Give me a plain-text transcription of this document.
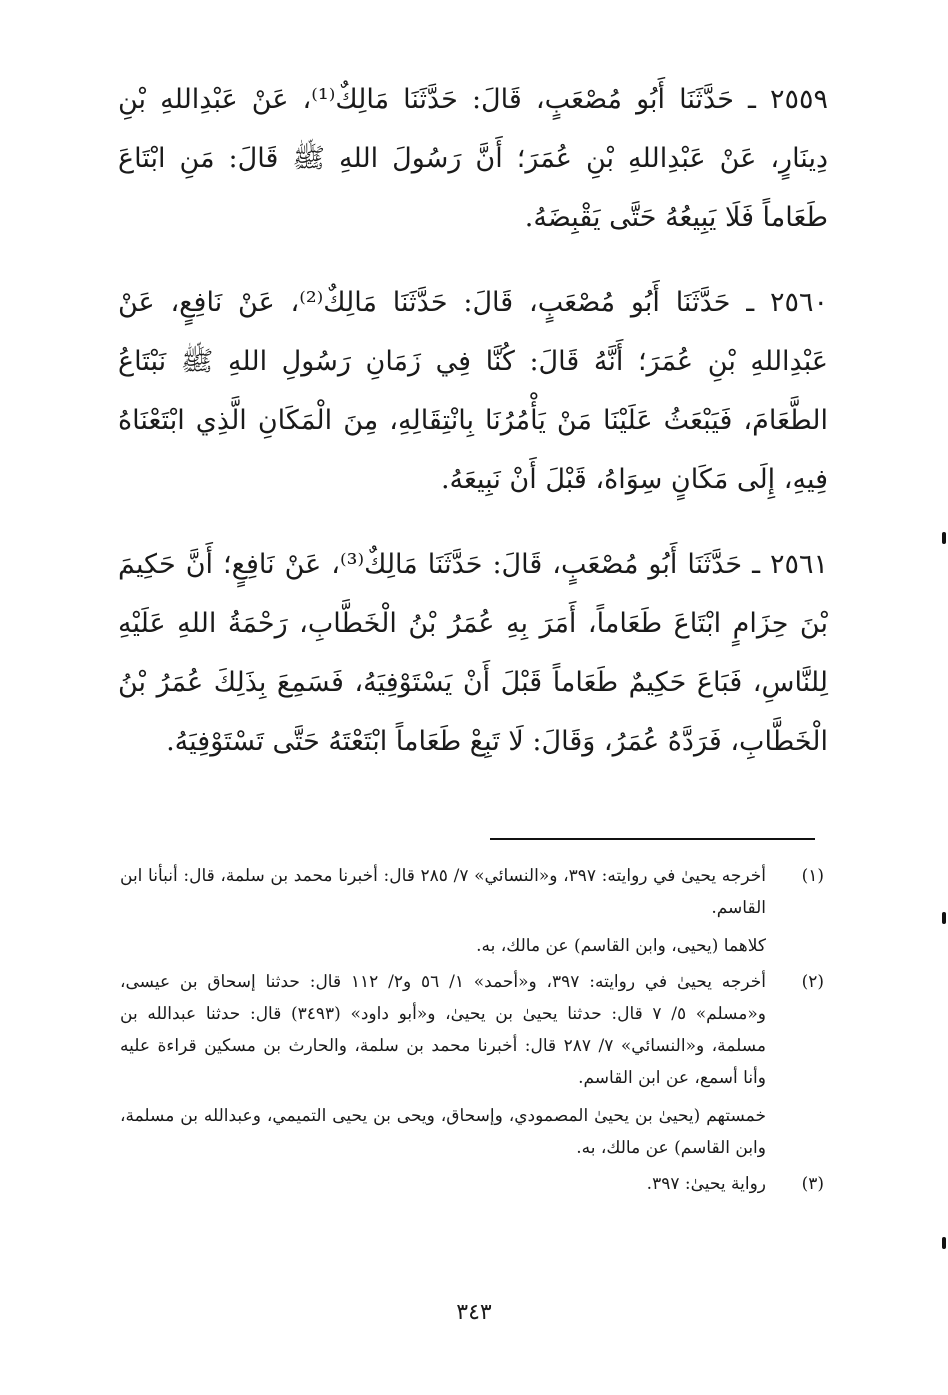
٢٥٥٩ ـ حَدَّثَنَا أَبُو مُصْعَبٍ، قَالَ: حَدَّثَنَا مَالِكٌ⁽¹⁾، عَنْ عَبْدِاللهِ بْنِ دِينَارٍ، عَنْ عَبْدِاللهِ بْنِ عُمَرَ؛ أَنَّ رَسُولَ اللهِ ﷺ قَالَ: مَنِ ابْتَاعَ طَعَاماً فَلَا يَبِيعُهُ حَتَّى يَقْبِضَهُ.

٢٥٦٠ ـ حَدَّثَنَا أَبُو مُصْعَبٍ، قَالَ: حَدَّثَنَا مَالِكٌ⁽²⁾، عَنْ نَافِعٍ، عَنْ عَبْدِاللهِ بْنِ عُمَرَ؛ أَنَّهُ قَالَ: كُنَّا فِي زَمَانِ رَسُولِ اللهِ ﷺ نَبْتَاعُ الطَّعَامَ، فَيَبْعَثُ عَلَيْنَا مَنْ يَأْمُرُنَا بِانْتِقَالِهِ، مِنَ الْمَكَانِ الَّذِي ابْتَعْنَاهُ فِيهِ، إِلَى مَكَانٍ سِوَاهُ، قَبْلَ أَنْ نَبِيعَهُ.

٢٥٦١ ـ حَدَّثَنَا أَبُو مُصْعَبٍ، قَالَ: حَدَّثَنَا مَالِكٌ⁽³⁾، عَنْ نَافِعٍ؛ أَنَّ حَكِيمَ بْنَ حِزَامٍ ابْتَاعَ طَعَاماً، أَمَرَ بِهِ عُمَرُ بْنُ الْخَطَّابِ، رَحْمَةُ اللهِ عَلَيْهِ لِلنَّاسِ، فَبَاعَ حَكِيمٌ طَعَاماً قَبْلَ أَنْ يَسْتَوْفِيَهُ، فَسَمِعَ بِذَلِكَ عُمَرُ بْنُ الْخَطَّابِ، فَرَدَّهُ عُمَرُ، وَقَالَ: لَا تَبِعْ طَعَاماً ابْتَعْتَهُ حَتَّى تَسْتَوْفِيَهُ.

(١)

أخرجه يحيىٰ في روايته: ٣٩٧، و«النسائي» ٧/ ٢٨٥ قال: أخبرنا محمد بن سلمة، قال: أنبأنا ابن القاسم.

كلاهما (يحيى، وابن القاسم) عن مالك، به.

(٢)

أخرجه يحيىٰ في روايته: ٣٩٧، و«أحمد» ١/ ٥٦ و٢/ ١١٢ قال: حدثنا إسحاق بن عيسى، و«مسلم» ٥/ ٧ قال: حدثنا يحيىٰ بن يحيىٰ، و«أبو داود» (٣٤٩٣) قال: حدثنا عبدالله بن مسلمة، و«النسائي» ٧/ ٢٨٧ قال: أخبرنا محمد بن سلمة، والحارث بن مسكين قراءة عليه وأنا أسمع، عن ابن القاسم.

خمستهم (يحيىٰ بن يحيىٰ المصمودي، وإسحاق، ويحى بن يحيى التميمي، وعبدالله بن مسلمة، وابن القاسم) عن مالك، به.

(٣)

رواية يحيىٰ: ٣٩٧.

٣٤٣
